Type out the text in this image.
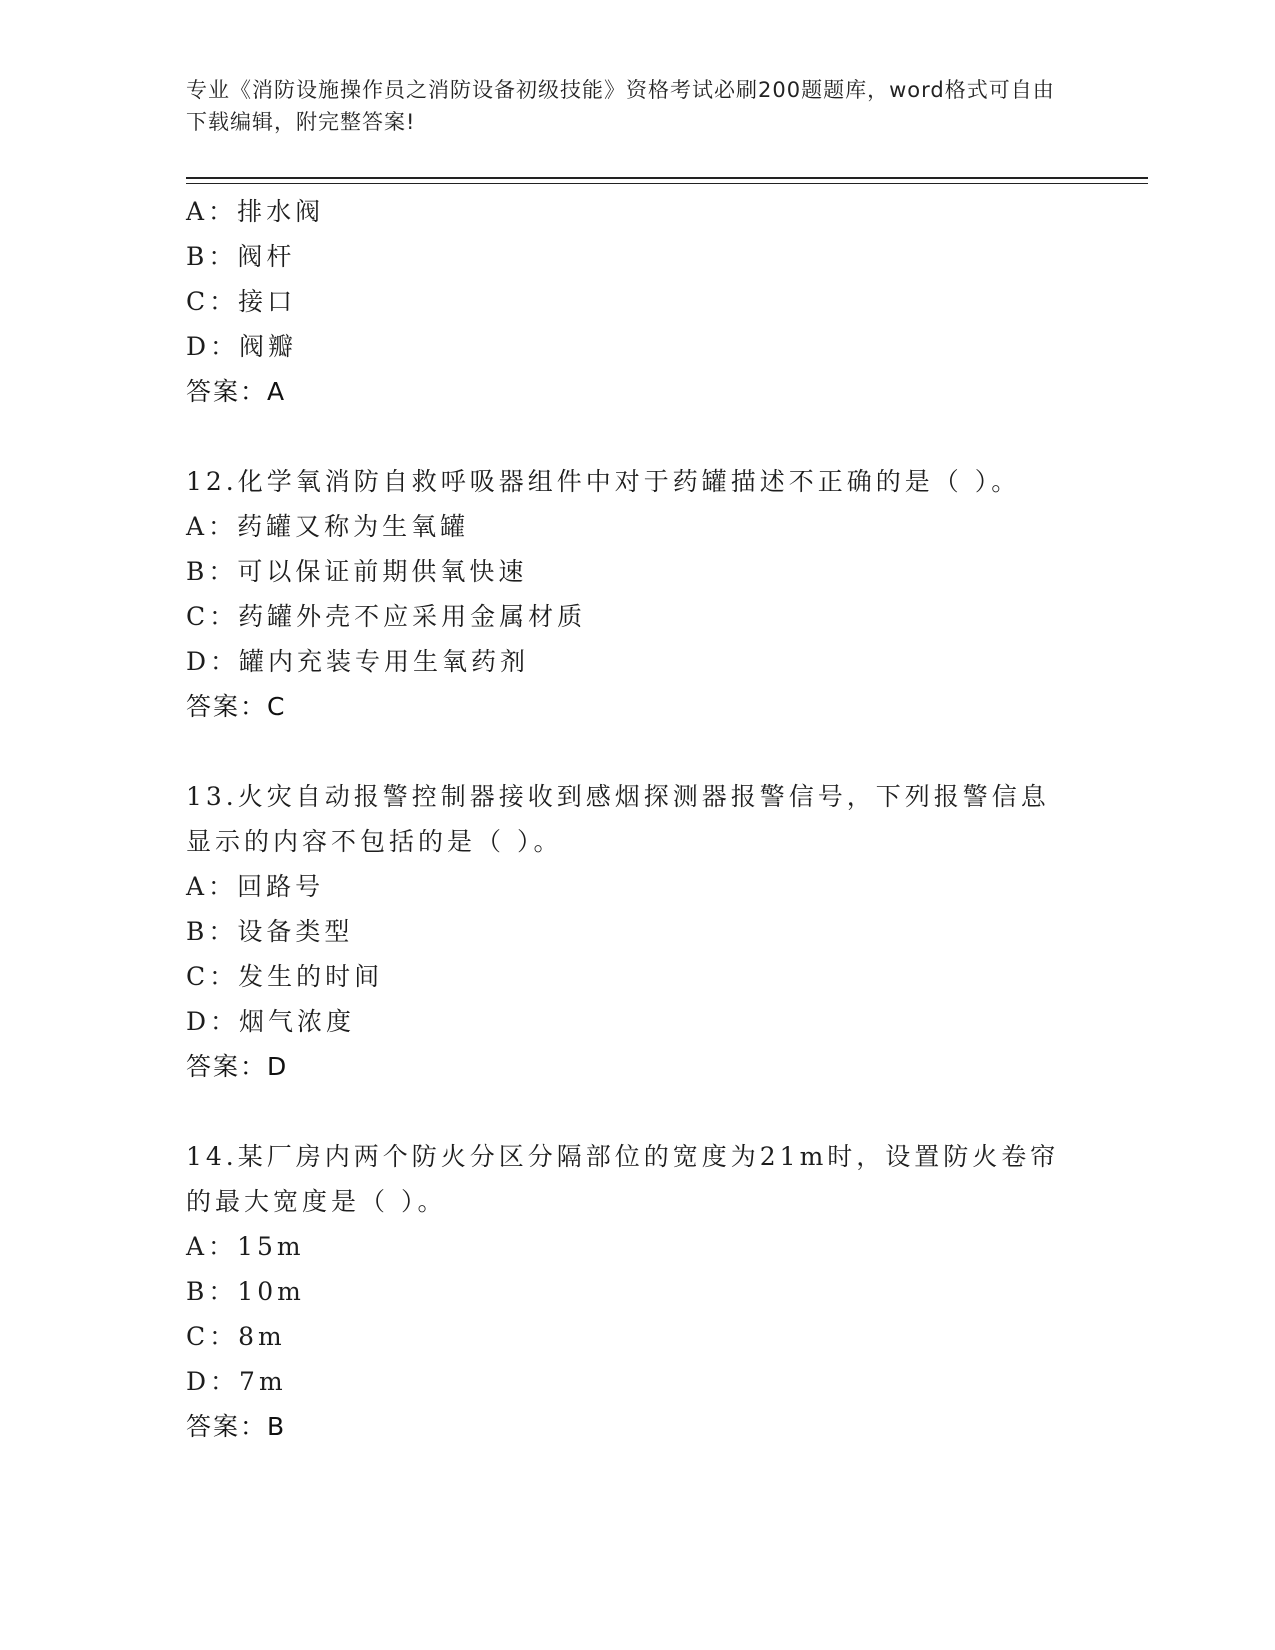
专业《消防设施操作员之消防设备初级技能》资格考试必刷200题题库，word格式可自由下载编辑，附完整答案!
A：排水阀
B：阀杆
C：接口
D：阀瓣
答案：A
12.化学氧消防自救呼吸器组件中对于药罐描述不正确的是（ ）。
A：药罐又称为生氧罐
B：可以保证前期供氧快速
C：药罐外壳不应采用金属材质
D：罐内充装专用生氧药剂
答案：C
13.火灾自动报警控制器接收到感烟探测器报警信号，下列报警信息显示的内容不包括的是（ ）。
A：回路号
B：设备类型
C：发生的时间
D：烟气浓度
答案：D
14.某厂房内两个防火分区分隔部位的宽度为21m时，设置防火卷帘的最大宽度是（ ）。
A：15m
B：10m
C：8m
D：7m
答案：B
